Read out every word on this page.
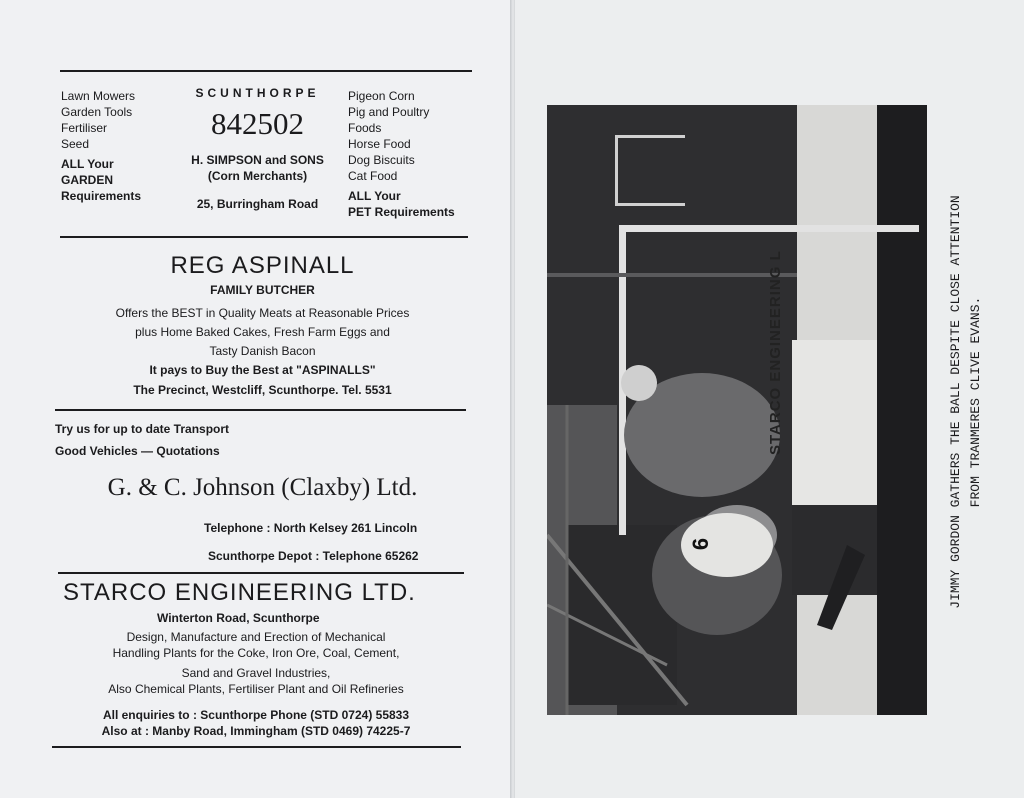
Lawn Mowers
Garden Tools
Fertiliser
Seed
ALL Your
GARDEN
Requirements
SCUNTHORPE
842502
H. SIMPSON and SONS
(Corn Merchants)
25, Burringham Road
Pigeon Corn
Pig and Poultry
Foods
Horse Food
Dog Biscuits
Cat Food
ALL Your
PET Requirements
REG ASPINALL
FAMILY BUTCHER
Offers the BEST in Quality Meats at Reasonable Prices
plus Home Baked Cakes, Fresh Farm Eggs and
Tasty Danish Bacon
It pays to Buy the Best at "ASPINALLS"
The Precinct, Westcliff, Scunthorpe. Tel. 5531
Try us for up to date Transport
Good Vehicles — Quotations
G. & C. Johnson (Claxby) Ltd.
Telephone : North Kelsey 261 Lincoln
Scunthorpe Depot : Telephone 65262
STARCO ENGINEERING LTD.
Winterton Road, Scunthorpe
Design, Manufacture and Erection of Mechanical
Handling Plants for the Coke, Iron Ore, Coal, Cement,
Sand and Gravel Industries,
Also Chemical Plants, Fertiliser Plant and Oil Refineries
All enquiries to : Scunthorpe Phone (STD 0724) 55833
Also at : Manby Road, Immingham (STD 0469) 74225-7
6
STARCO ENGINEERING L	JIMMY GORDON GATHERS THE BALL DESPITE CLOSE ATTENTION FROM TRANMERES CLIVE EVANS.
